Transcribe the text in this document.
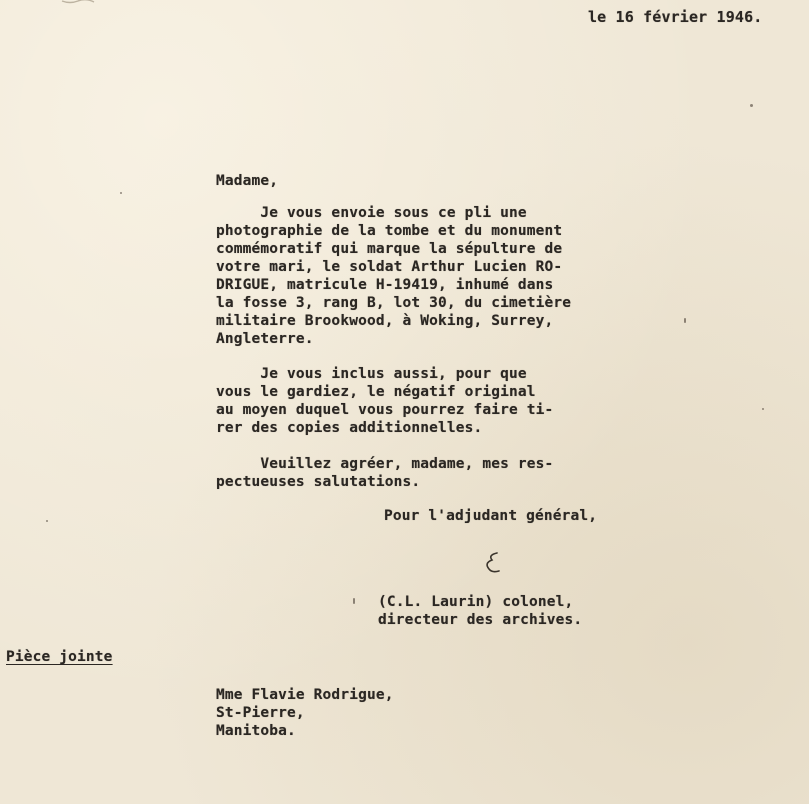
le 16 février 1946.
Madame,
Je vous envoie sous ce pli une
photographie de la tombe et du monument
commémoratif qui marque la sépulture de
votre mari, le soldat Arthur Lucien RO-
DRIGUE, matricule H-19419, inhumé dans
la fosse 3, rang B, lot 30, du cimetière
militaire Brookwood, à Woking, Surrey,
Angleterre.
Je vous inclus aussi, pour que
vous le gardiez, le négatif original
au moyen duquel vous pourrez faire ti-
rer des copies additionnelles.
Veuillez agréer, madame, mes res-
pectueuses salutations.
Pour l'adjudant général,
(C.L. Laurin) colonel,
directeur des archives.
Pièce jointe
Mme Flavie Rodrigue,
St-Pierre,
Manitoba.
